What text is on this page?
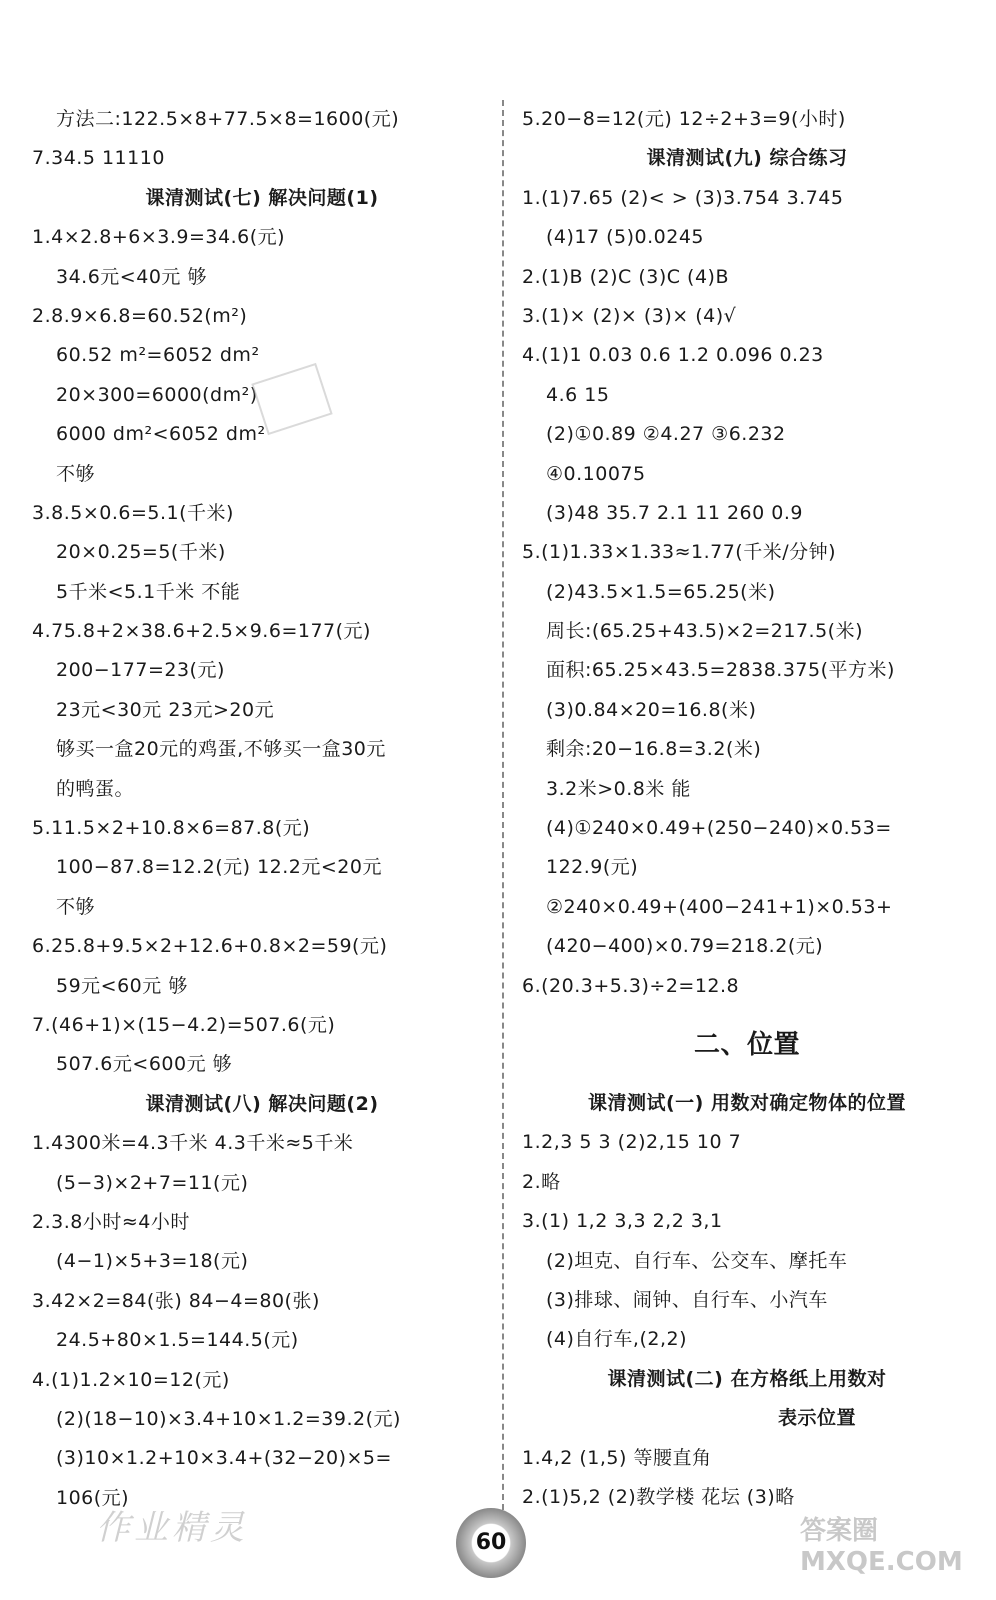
方法二:122.5×8+77.5×8=1600(元)
7.34.5 11110
课清测试(七) 解决问题(1)
1.4×2.8+6×3.9=34.6(元)
34.6元<40元 够
2.8.9×6.8=60.52(m²)
60.52 m²=6052 dm²
20×300=6000(dm²)
6000 dm²<6052 dm²
不够
3.8.5×0.6=5.1(千米)
20×0.25=5(千米)
5千米<5.1千米 不能
4.75.8+2×38.6+2.5×9.6=177(元)
200−177=23(元)
23元<30元 23元>20元
够买一盒20元的鸡蛋,不够买一盒30元
的鸭蛋。
5.11.5×2+10.8×6=87.8(元)
100−87.8=12.2(元) 12.2元<20元
不够
6.25.8+9.5×2+12.6+0.8×2=59(元)
59元<60元 够
7.(46+1)×(15−4.2)=507.6(元)
507.6元<600元 够
课清测试(八) 解决问题(2)
1.4300米=4.3千米 4.3千米≈5千米
(5−3)×2+7=11(元)
2.3.8小时≈4小时
(4−1)×5+3=18(元)
3.42×2=84(张) 84−4=80(张)
24.5+80×1.5=144.5(元)
4.(1)1.2×10=12(元)
(2)(18−10)×3.4+10×1.2=39.2(元)
(3)10×1.2+10×3.4+(32−20)×5=
106(元)
5.20−8=12(元) 12÷2+3=9(小时)
课清测试(九) 综合练习
1.(1)7.65 (2)< > (3)3.754 3.745
(4)17 (5)0.0245
2.(1)B (2)C (3)C (4)B
3.(1)× (2)× (3)× (4)√
4.(1)1 0.03 0.6 1.2 0.096 0.23
4.6 15
(2)①0.89 ②4.27 ③6.232
④0.10075
(3)48 35.7 2.1 11 260 0.9
5.(1)1.33×1.33≈1.77(千米/分钟)
(2)43.5×1.5=65.25(米)
周长:(65.25+43.5)×2=217.5(米)
面积:65.25×43.5=2838.375(平方米)
(3)0.84×20=16.8(米)
剩余:20−16.8=3.2(米)
3.2米>0.8米 能
(4)①240×0.49+(250−240)×0.53=
122.9(元)
②240×0.49+(400−241+1)×0.53+
(420−400)×0.79=218.2(元)
6.(20.3+5.3)÷2=12.8
二、位置
课清测试(一) 用数对确定物体的位置
1.2,3 5 3 (2)2,15 10 7
2.略
3.(1) 1,2 3,3 2,2 3,1
(2)坦克、自行车、公交车、摩托车
(3)排球、闹钟、自行车、小汽车
(4)自行车,(2,2)
课清测试(二) 在方格纸上用数对
表示位置
1.4,2 (1,5) 等腰直角
2.(1)5,2 (2)教学楼 花坛 (3)略
作业精灵	60	答案圈 MXQE.COM
